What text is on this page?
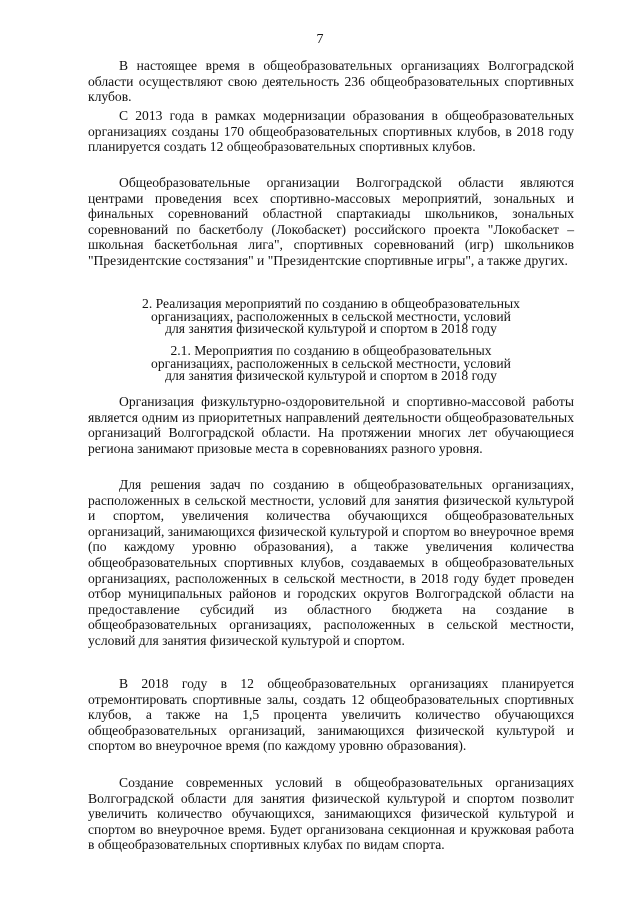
7
В настоящее время в общеобразовательных организациях Волгоградской области осуществляют свою деятельность 236 общеобразовательных спортивных клубов.
С 2013 года в рамках модернизации образования в общеобразовательных организациях созданы 170 общеобразовательных спортивных клубов, в 2018 году планируется создать 12 общеобразовательных спортивных клубов.
Общеобразовательные организации Волгоградской области являются центрами проведения всех спортивно-массовых мероприятий, зональных и финальных соревнований областной спартакиады школьников, зональных соревнований по баскетболу (Локобаскет) российского проекта "Локобаскет – школьная баскетбольная лига", спортивных соревнований (игр) школьников "Президентские состязания" и "Президентские спортивные игры", а также других.
2. Реализация мероприятий по созданию в общеобразовательных
организациях, расположенных в сельской местности, условий
для занятия физической культурой и спортом в 2018 году
2.1. Мероприятия по созданию в общеобразовательных
организациях, расположенных в сельской местности, условий
для занятия физической культурой и спортом в 2018 году
Организация физкультурно-оздоровительной и спортивно-массовой работы является одним из приоритетных направлений деятельности общеобразовательных организаций Волгоградской области. На протяжении многих лет обучающиеся региона занимают призовые места в соревнованиях разного уровня.
Для решения задач по созданию в общеобразовательных организациях, расположенных в сельской местности, условий для занятия физической культурой и спортом, увеличения количества обучающихся общеобразовательных организаций, занимающихся физической культурой и спортом во внеурочное время (по каждому уровню образования), а также увеличения количества общеобразовательных спортивных клубов, создаваемых в общеобразовательных организациях, расположенных в сельской местности, в 2018 году будет проведен отбор муниципальных районов и городских округов Волгоградской области на предоставление субсидий из областного бюджета на создание в общеобразовательных организациях, расположенных в сельской местности, условий для занятия физической культурой и спортом.
В 2018 году в 12 общеобразовательных организациях планируется отремонтировать спортивные залы, создать 12 общеобразовательных спортивных клубов, а также на 1,5 процента увеличить количество обучающихся общеобразовательных организаций, занимающихся физической культурой и спортом во внеурочное время (по каждому уровню образования).
Создание современных условий в общеобразовательных организациях Волгоградской области для занятия физической культурой и спортом позволит увеличить количество обучающихся, занимающихся физической культурой и спортом во внеурочное время. Будет организована секционная и кружковая работа в общеобразовательных спортивных клубах по видам спорта.
